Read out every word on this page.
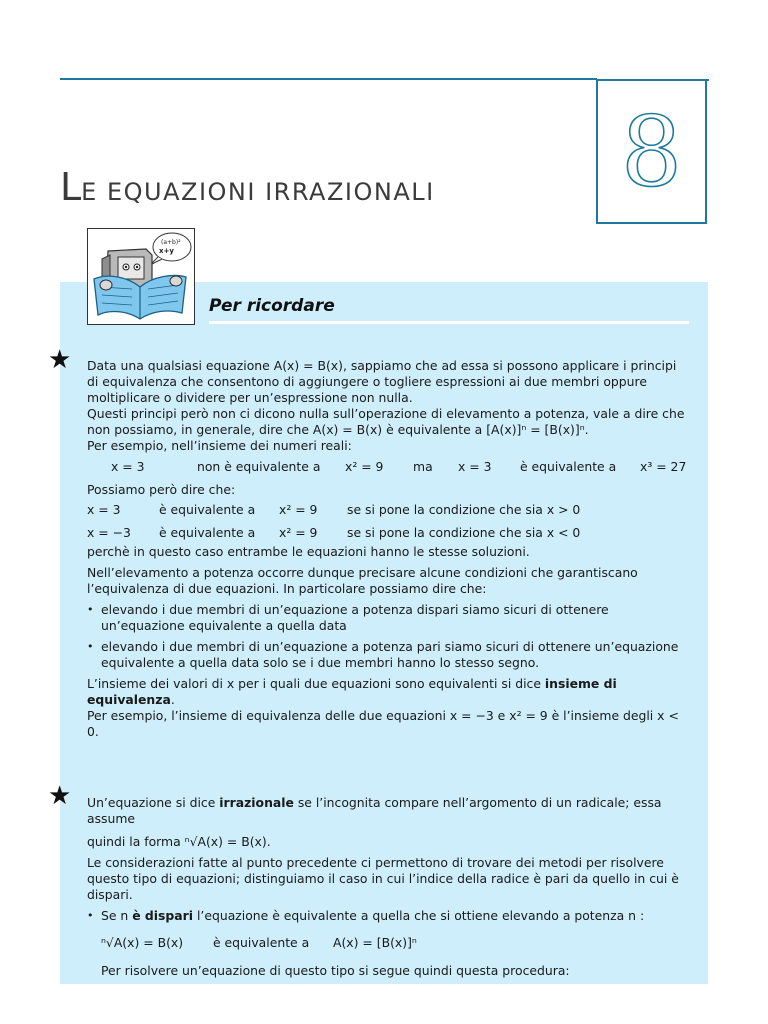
8
LE EQUAZIONI IRRAZIONALI
(a+b)²
x+y
Per ricordare
★
★

Data una qualsiasi equazione A(x) = B(x), sappiamo che ad essa si possono applicare i principi di equivalenza che consentono di aggiungere o togliere espressioni ai due membri oppure moltiplicare o dividere per un’espressione non nulla.

Questi principi però non ci dicono nulla sull’operazione di elevamento a potenza, vale a dire che non possiamo, in generale, dire che A(x) = B(x) è equivalente a [A(x)]ⁿ = [B(x)]ⁿ.

Per esempio, nell’insieme dei numeri reali:

x = 3	non è equivalente a	x² = 9	ma	x = 3	è equivalente a	x³ = 27

Possiamo però dire che:

x = 3	è equivalente a	x² = 9	se si pone la condizione che sia x > 0
x = −3	è equivalente a	x² = 9	se si pone la condizione che sia x < 0

perchè in questo caso entrambe le equazioni hanno le stesse soluzioni.

Nell’elevamento a potenza occorre dunque precisare alcune condizioni che garantiscano l’equivalenza di due equazioni. In particolare possiamo dire che:

• elevando i due membri di un’equazione a potenza dispari siamo sicuri di ottenere un’equazione equivalente a quella data
• elevando i due membri di un’equazione a potenza pari siamo sicuri di ottenere un’equazione equivalente a quella data solo se i due membri hanno lo stesso segno.

L’insieme dei valori di x per i quali due equazioni sono equivalenti si dice insieme di equivalenza.

Per esempio, l’insieme di equivalenza delle due equazioni x = −3 e x² = 9 è l’insieme degli x < 0.

Un’equazione si dice irrazionale se l’incognita compare nell’argomento di un radicale; essa assume

quindi la forma ⁿ√A(x) = B(x).

Le considerazioni fatte al punto precedente ci permettono di trovare dei metodi per risolvere questo tipo di equazioni; distinguiamo il caso in cui l’indice della radice è pari da quello in cui è dispari.

• Se n è dispari l’equazione è equivalente a quella che si ottiene elevando a potenza n :
ⁿ√A(x) = B(x)	è equivalente a	A(x) = [B(x)]ⁿ

Per risolvere un’equazione di questo tipo si segue quindi questa procedura:
